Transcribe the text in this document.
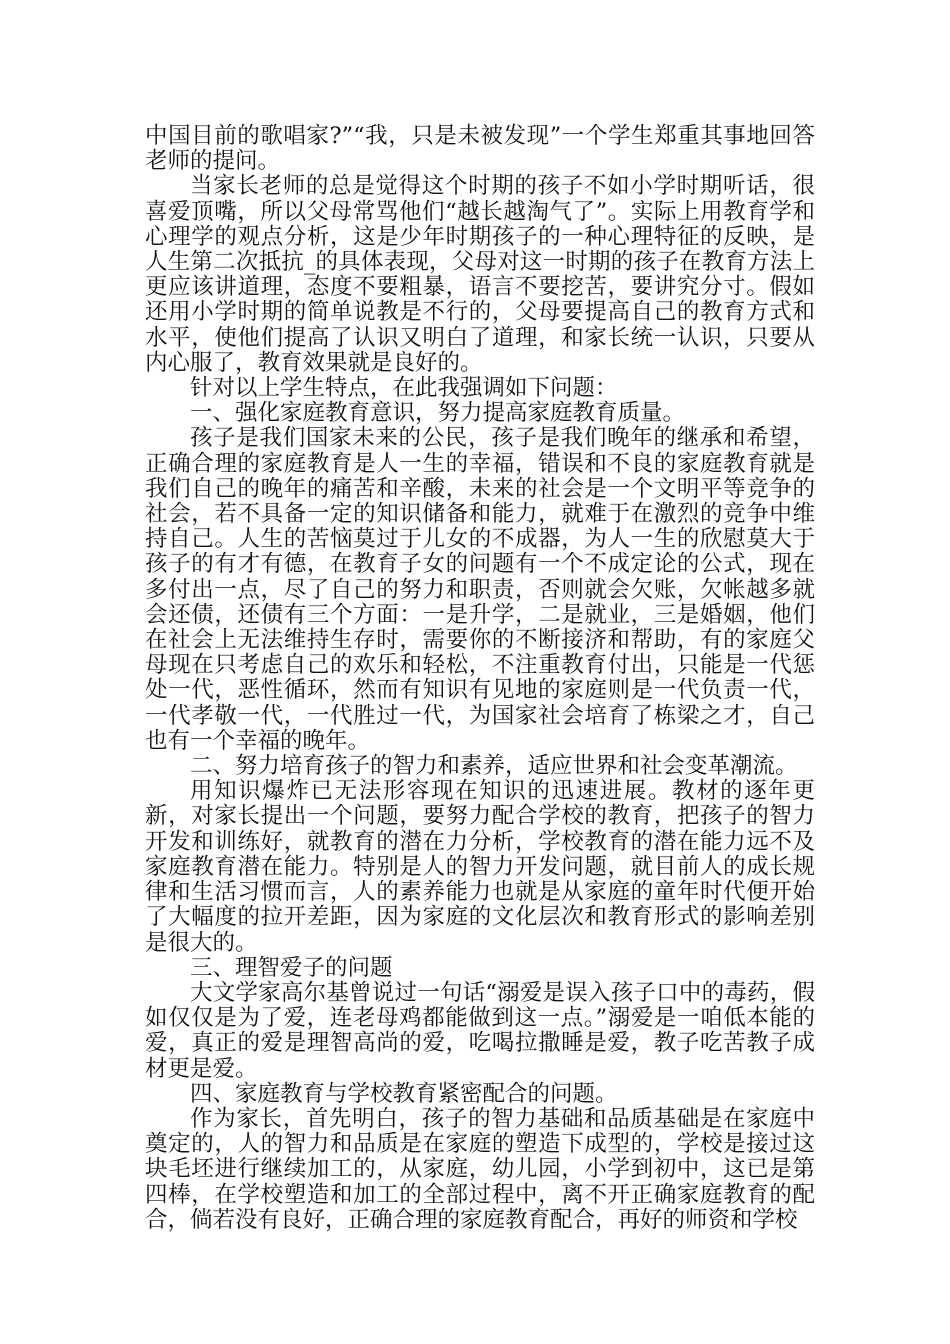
中国目前的歌唱家?”“我，只是未被发现”一个学生郑重其事地回答老师的提问。

当家长老师的总是觉得这个时期的孩子不如小学时期听话，很喜爱顶嘴，所以父母常骂他们“越长越淘气了”。实际上用教育学和心理学的观点分析，这是少年时期孩子的一种心理特征的反映，是人生第二次抵抗_的具体表现，父母对这一时期的孩子在教育方法上更应该讲道理，态度不要粗暴，语言不要挖苦，要讲究分寸。假如还用小学时期的简单说教是不行的，父母要提高自己的教育方式和水平，使他们提高了认识又明白了道理，和家长统一认识，只要从内心服了，教育效果就是良好的。

针对以上学生特点，在此我强调如下问题：

一、强化家庭教育意识，努力提高家庭教育质量。

孩子是我们国家未来的公民，孩子是我们晚年的继承和希望，正确合理的家庭教育是人一生的幸福，错误和不良的家庭教育就是我们自己的晚年的痛苦和辛酸，未来的社会是一个文明平等竞争的社会，若不具备一定的知识储备和能力，就难于在激烈的竞争中维持自己。人生的苦恼莫过于儿女的不成器，为人一生的欣慰莫大于孩子的有才有德，在教育子女的问题有一个不成定论的公式，现在多付出一点，尽了自己的努力和职责，否则就会欠账，欠帐越多就会还债，还债有三个方面：一是升学，二是就业，三是婚姻，他们在社会上无法维持生存时，需要你的不断接济和帮助，有的家庭父母现在只考虑自己的欢乐和轻松，不注重教育付出，只能是一代惩处一代，恶性循环，然而有知识有见地的家庭则是一代负责一代，一代孝敬一代，一代胜过一代，为国家社会培育了栋梁之才，自己也有一个幸福的晚年。

二、努力培育孩子的智力和素养，适应世界和社会变革潮流。

用知识爆炸已无法形容现在知识的迅速进展。教材的逐年更新，对家长提出一个问题，要努力配合学校的教育，把孩子的智力开发和训练好，就教育的潜在力分析，学校教育的潜在能力远不及家庭教育潜在能力。特别是人的智力开发问题，就目前人的成长规律和生活习惯而言，人的素养能力也就是从家庭的童年时代便开始了大幅度的拉开差距，因为家庭的文化层次和教育形式的影响差别是很大的。

三、理智爱子的问题

大文学家高尔基曾说过一句话“溺爱是误入孩子口中的毒药，假如仅仅是为了爱，连老母鸡都能做到这一点。”溺爱是一咱低本能的爱，真正的爱是理智高尚的爱，吃喝拉撒睡是爱，教子吃苦教子成材更是爱。

四、家庭教育与学校教育紧密配合的问题。

作为家长，首先明白，孩子的智力基础和品质基础是在家庭中奠定的，人的智力和品质是在家庭的塑造下成型的，学校是接过这块毛坯进行继续加工的，从家庭，幼儿园，小学到初中，这已是第四棒，在学校塑造和加工的全部过程中，离不开正确家庭教育的配合，倘若没有良好，正确合理的家庭教育配合，再好的师资和学校
